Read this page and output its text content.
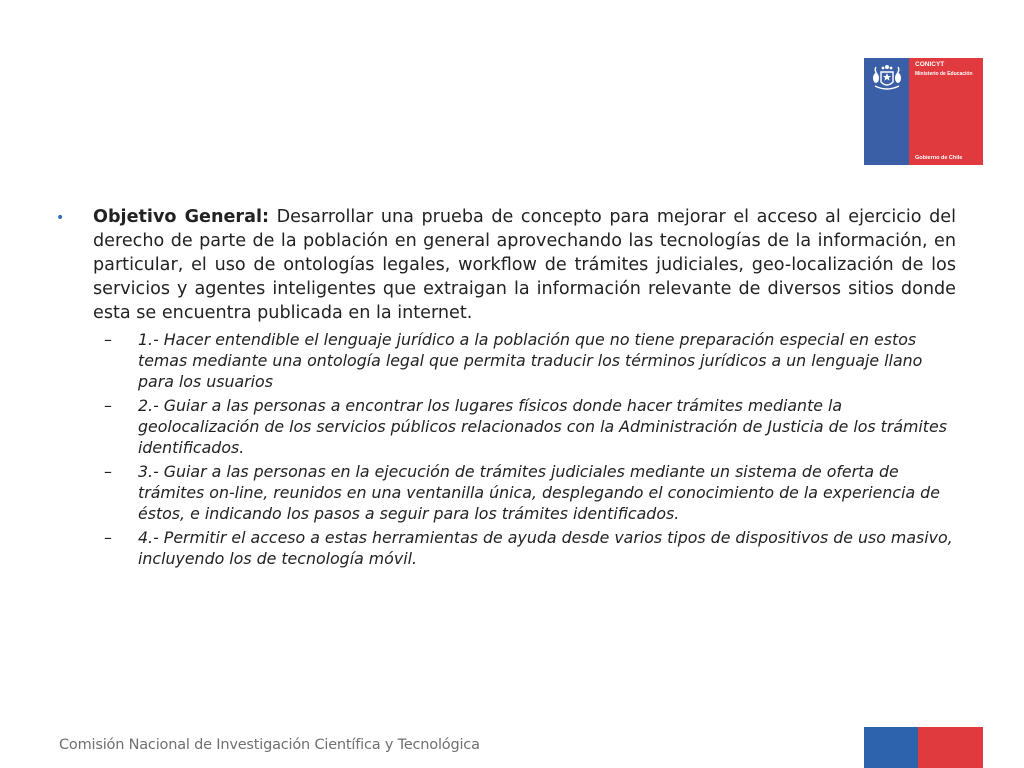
CONICYT
Ministerio de Educación
Gobierno de Chile
• Objetivo General: Desarrollar una prueba de concepto para mejorar el acceso al ejercicio del derecho de parte de la población en general aprovechando las tecnologías de la información, en particular, el uso de ontologías legales, workflow de trámites judiciales, geo-localización de los servicios y agentes inteligentes que extraigan la información relevante de diversos sitios donde esta se encuentra publicada en la internet.

– 1.- Hacer entendible el lenguaje jurídico a la población que no tiene preparación especial en estos temas mediante una ontología legal que permita traducir los términos jurídicos a un lenguaje llano para los usuarios
– 2.- Guiar a las personas a encontrar los lugares físicos donde hacer trámites mediante la geolocalización de los servicios públicos relacionados con la Administración de Justicia de los trámites identificados.
– 3.- Guiar a las personas en la ejecución de trámites judiciales mediante un sistema de oferta de trámites on-line, reunidos en una ventanilla única, desplegando el conocimiento de la experiencia de éstos, e indicando los pasos a seguir para los trámites identificados.
– 4.- Permitir el acceso a estas herramientas de ayuda desde varios tipos de dispositivos de uso masivo, incluyendo los de tecnología móvil.
Comisión Nacional de Investigación Científica y Tecnológica
